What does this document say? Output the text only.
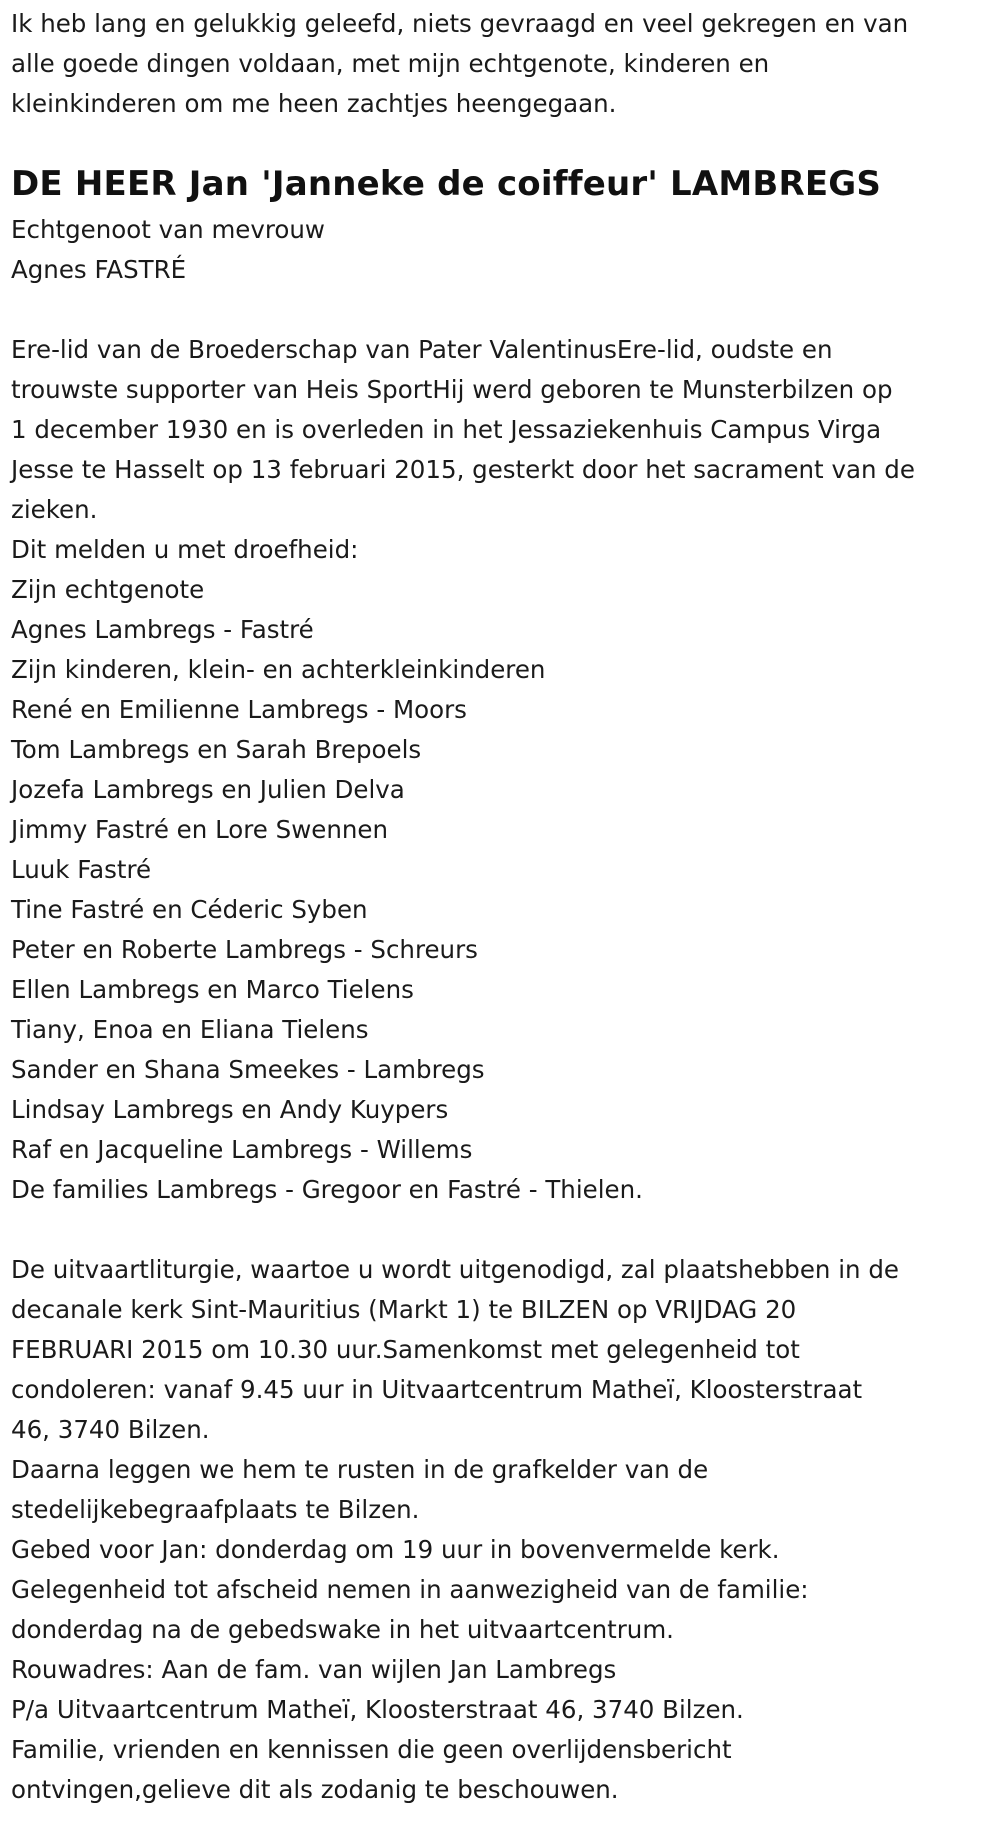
Ik heb lang en gelukkig geleefd, niets gevraagd en veel gekregen en van
alle goede dingen voldaan, met mijn echtgenote, kinderen en
kleinkinderen om me heen zachtjes heengegaan.
DE HEER Jan 'Janneke de coiffeur' LAMBREGS
Echtgenoot van mevrouw
Agnes FASTRÉ
Ere-lid van de Broederschap van Pater ValentinusEre-lid, oudste en
trouwste supporter van Heis SportHij werd geboren te Munsterbilzen op
1 december 1930 en is overleden in het Jessaziekenhuis Campus Virga
Jesse te Hasselt op 13 februari 2015, gesterkt door het sacrament van de
zieken.
Dit melden u met droefheid:
Zijn echtgenote
Agnes Lambregs - Fastré
Zijn kinderen, klein- en achterkleinkinderen
René en Emilienne Lambregs - Moors
Tom Lambregs en Sarah Brepoels
Jozefa Lambregs en Julien Delva
Jimmy Fastré en Lore Swennen
Luuk Fastré
Tine Fastré en Céderic Syben
Peter en Roberte Lambregs - Schreurs
Ellen Lambregs en Marco Tielens
Tiany, Enoa en Eliana Tielens
Sander en Shana Smeekes - Lambregs
Lindsay Lambregs en Andy Kuypers
Raf en Jacqueline Lambregs - Willems
De families Lambregs - Gregoor en Fastré - Thielen.
De uitvaartliturgie, waartoe u wordt uitgenodigd, zal plaatshebben in de
decanale kerk Sint-Mauritius (Markt 1) te BILZEN op VRIJDAG 20
FEBRUARI 2015 om 10.30 uur.Samenkomst met gelegenheid tot
condoleren: vanaf 9.45 uur in Uitvaartcentrum Matheï, Kloosterstraat
46, 3740 Bilzen.
Daarna leggen we hem te rusten in de grafkelder van de
stedelijkebegraafplaats te Bilzen.
Gebed voor Jan: donderdag om 19 uur in bovenvermelde kerk.
Gelegenheid tot afscheid nemen in aanwezigheid van de familie:
donderdag na de gebedswake in het uitvaartcentrum.
Rouwadres: Aan de fam. van wijlen Jan Lambregs
P/a Uitvaartcentrum Matheï, Kloosterstraat 46, 3740 Bilzen.
Familie, vrienden en kennissen die geen overlijdensbericht
ontvingen,gelieve dit als zodanig te beschouwen.
